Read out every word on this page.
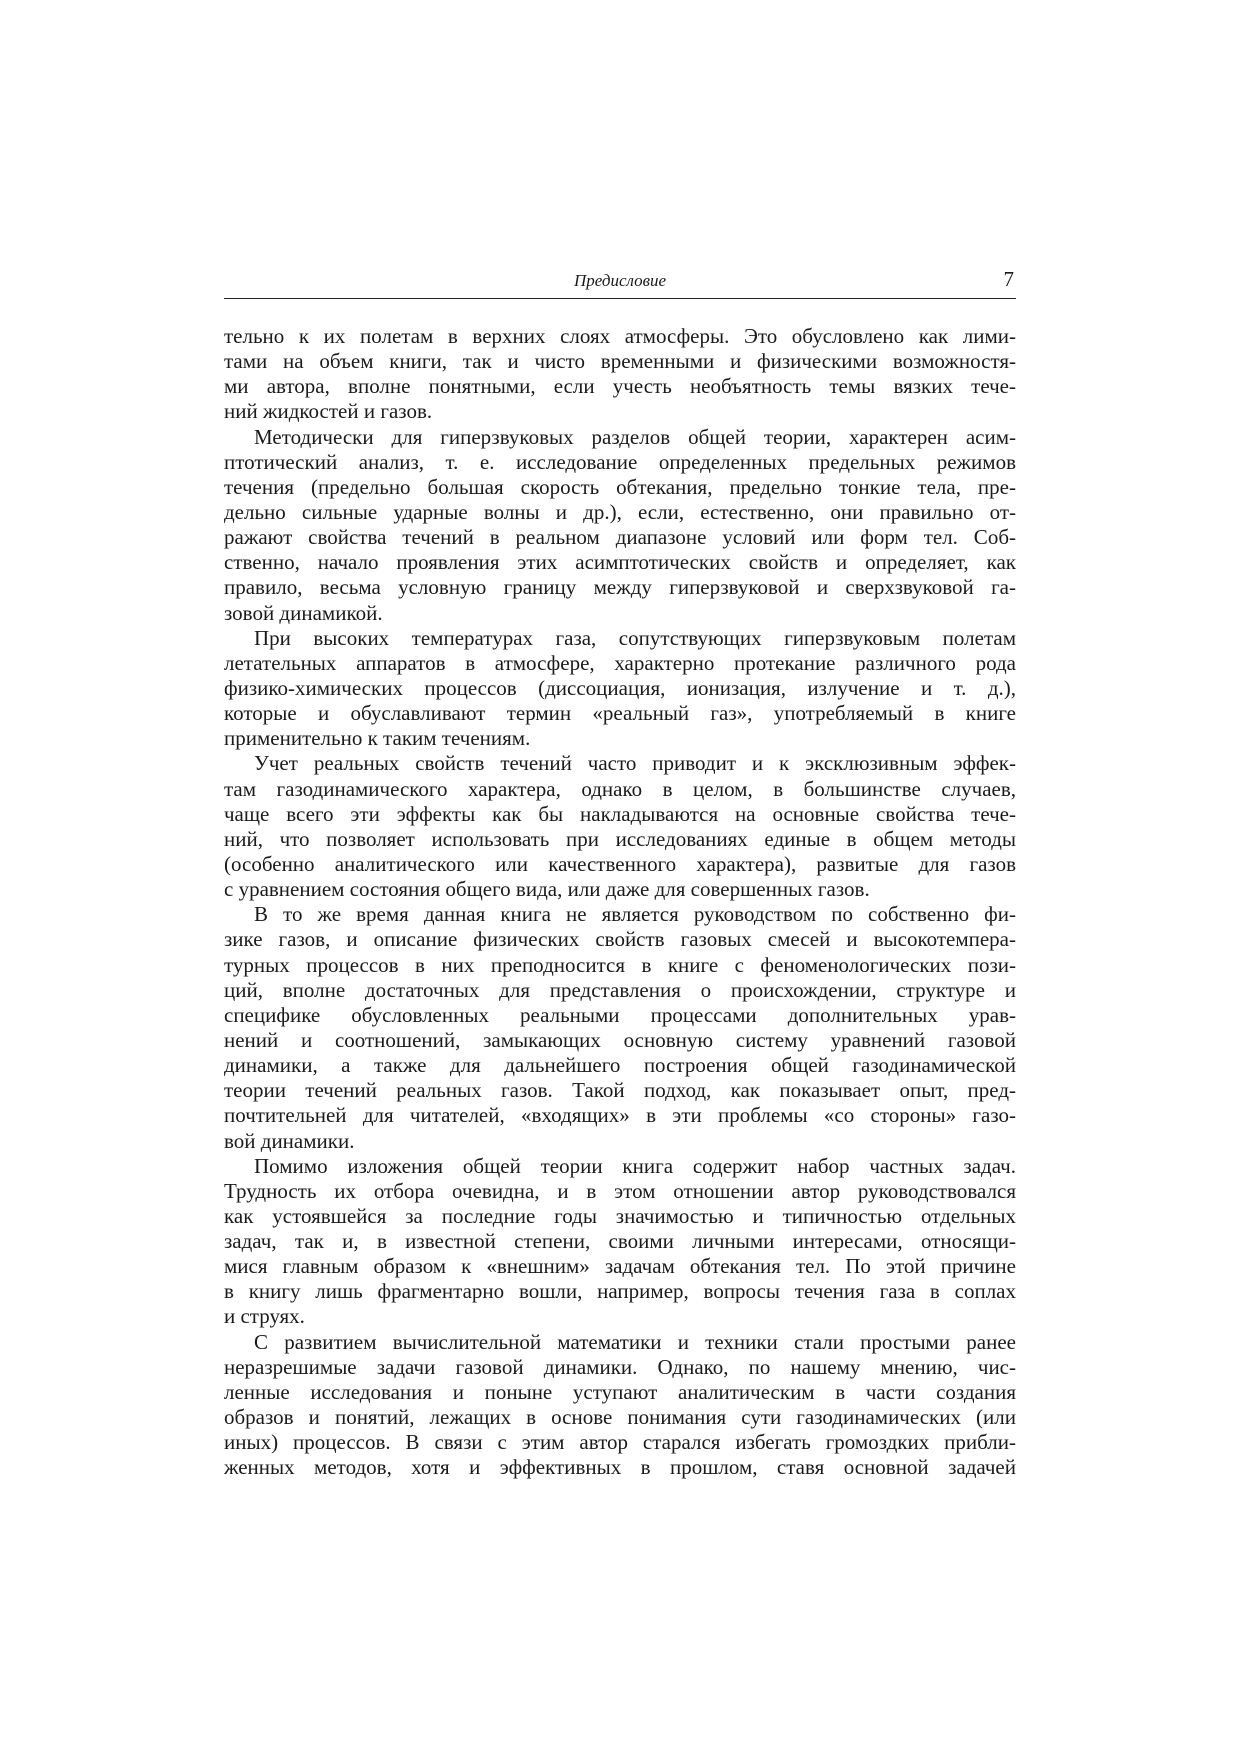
Предисловие	7
тельно к их полетам в верхних слоях атмосферы. Это обусловлено как лими-
тами на объем книги, так и чисто временными и физическими возможностя-
ми автора, вполне понятными, если учесть необъятность темы вязких тече-
ний жидкостей и газов.
Методически для гиперзвуковых разделов общей теории, характерен асим-
птотический анализ, т. е. исследование определенных предельных режимов
течения (предельно большая скорость обтекания, предельно тонкие тела, пре-
дельно сильные ударные волны и др.), если, естественно, они правильно от-
ражают свойства течений в реальном диапазоне условий или форм тел. Соб-
ственно, начало проявления этих асимптотических свойств и определяет, как
правило, весьма условную границу между гиперзвуковой и сверхзвуковой га-
зовой динамикой.
При высоких температурах газа, сопутствующих гиперзвуковым полетам
летательных аппаратов в атмосфере, характерно протекание различного рода
физико-химических процессов (диссоциация, ионизация, излучение и т. д.),
которые и обуславливают термин «реальный газ», употребляемый в книге
применительно к таким течениям.
Учет реальных свойств течений часто приводит и к эксклюзивным эффек-
там газодинамического характера, однако в целом, в большинстве случаев,
чаще всего эти эффекты как бы накладываются на основные свойства тече-
ний, что позволяет использовать при исследованиях единые в общем методы
(особенно аналитического или качественного характера), развитые для газов
с уравнением состояния общего вида, или даже для совершенных газов.
В то же время данная книга не является руководством по собственно фи-
зике газов, и описание физических свойств газовых смесей и высокотемпера-
турных процессов в них преподносится в книге с феноменологических пози-
ций, вполне достаточных для представления о происхождении, структуре и
специфике обусловленных реальными процессами дополнительных урав-
нений и соотношений, замыкающих основную систему уравнений газовой
динамики, а также для дальнейшего построения общей газодинамической
теории течений реальных газов. Такой подход, как показывает опыт, пред-
почтительней для читателей, «входящих» в эти проблемы «со стороны» газо-
вой динамики.
Помимо изложения общей теории книга содержит набор частных задач.
Трудность их отбора очевидна, и в этом отношении автор руководствовался
как устоявшейся за последние годы значимостью и типичностью отдельных
задач, так и, в известной степени, своими личными интересами, относящи-
мися главным образом к «внешним» задачам обтекания тел. По этой причине
в книгу лишь фрагментарно вошли, например, вопросы течения газа в соплах
и струях.
С развитием вычислительной математики и техники стали простыми ранее
неразрешимые задачи газовой динамики. Однако, по нашему мнению, чис-
ленные исследования и поныне уступают аналитическим в части создания
образов и понятий, лежащих в основе понимания сути газодинамических (или
иных) процессов. В связи с этим автор старался избегать громоздких прибли-
женных методов, хотя и эффективных в прошлом, ставя основной задачей
